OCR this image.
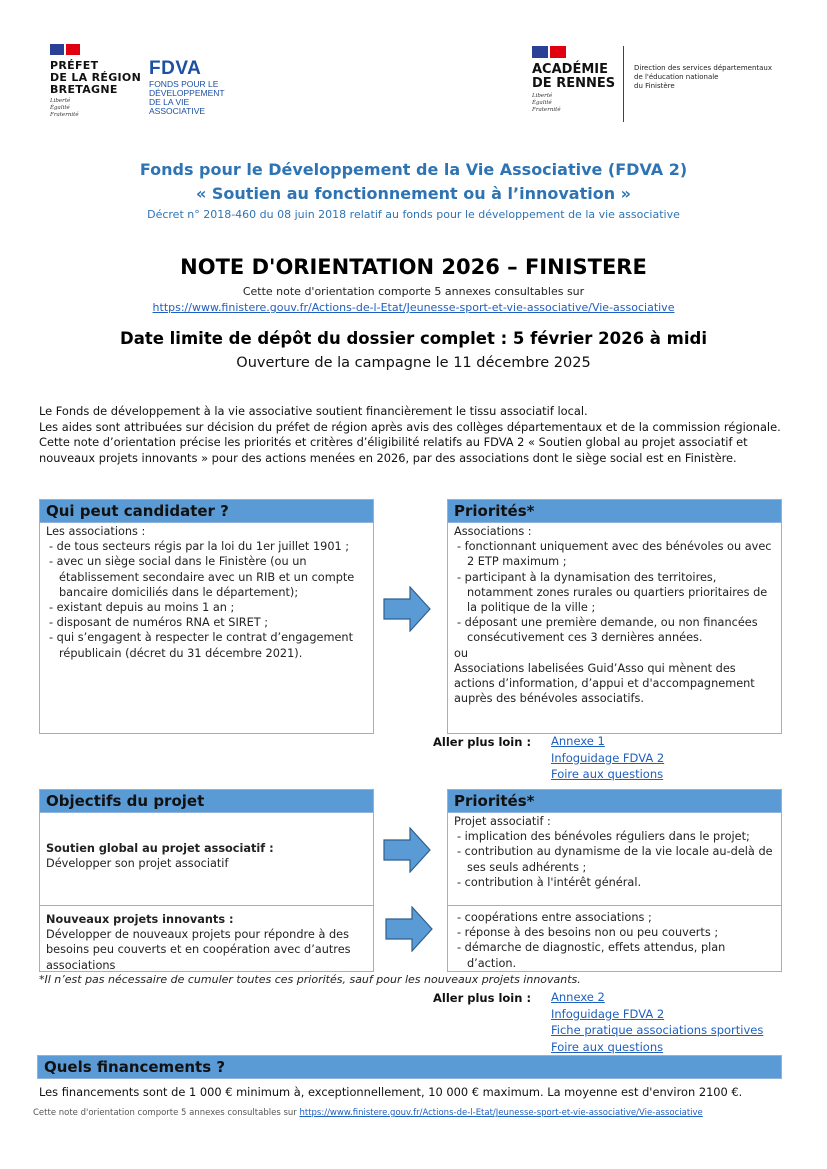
PRÉFET
DE LA RÉGION
BRETAGNE
Liberté
Égalité
Fraternité
FDVA
FONDS POUR LE
DÉVELOPPEMENT
DE LA VIE
ASSOCIATIVE
ACADÉMIE
DE RENNES
Liberté
Égalité
Fraternité
Direction des services départementaux
de l'éducation nationale
du Finistère
Fonds pour le Développement de la Vie Associative (FDVA 2)
« Soutien au fonctionnement ou à l’innovation »
Décret n° 2018-460 du 08 juin 2018 relatif au fonds pour le développement de la vie associative
NOTE D'ORIENTATION 2026 – FINISTERE
Cette note d'orientation comporte 5 annexes consultables sur
https://www.finistere.gouv.fr/Actions-de-l-Etat/Jeunesse-sport-et-vie-associative/Vie-associative
Date limite de dépôt du dossier complet : 5 février 2026 à midi
Ouverture de la campagne le 11 décembre 2025
Le Fonds de développement à la vie associative soutient financièrement le tissu associatif local.
Les aides sont attribuées sur décision du préfet de région après avis des collèges départementaux et de la commission régionale.
Cette note d’orientation précise les priorités et critères d’éligibilité relatifs au FDVA 2 « Soutien global au projet associatif et nouveaux projets innovants » pour des actions menées en 2026, par des associations dont le siège social est en Finistère.
Qui peut candidater ?
Les associations :
- de tous secteurs régis par la loi du 1er juillet 1901 ;
- avec un siège social dans le Finistère (ou un établissement secondaire avec un RIB et un compte bancaire domiciliés dans le département);
- existant depuis au moins 1 an ;
- disposant de numéros RNA et SIRET ;
- qui s’engagent à respecter le contrat d’engagement républicain (décret du 31 décembre 2021).
Priorités*
Associations :
- fonctionnant uniquement avec des bénévoles ou avec 2 ETP maximum ;
- participant à la dynamisation des territoires, notamment zones rurales ou quartiers prioritaires de la politique de la ville ;
- déposant une première demande, ou non financées consécutivement ces 3 dernières années.
ou
Associations labelisées Guid’Asso qui mènent des actions d’information, d’appui et d'accompagnement auprès des bénévoles associatifs.
Aller plus loin : Annexe 1
Infoguidage FDVA 2
Foire aux questions
Objectifs du projet
Soutien global au projet associatif :
Développer son projet associatif
Nouveaux projets innovants :
Développer de nouveaux projets pour répondre à des besoins peu couverts et en coopération avec d’autres associations
Priorités*
Projet associatif :
- implication des bénévoles réguliers dans le projet;
- contribution au dynamisme de la vie locale au-delà de ses seuls adhérents ;
- contribution à l'intérêt général.
- coopérations entre associations ;
- réponse à des besoins non ou peu couverts ;
- démarche de diagnostic, effets attendus, plan d’action.
*Il n’est pas nécessaire de cumuler toutes ces priorités, sauf pour les nouveaux projets innovants.
Aller plus loin : Annexe 2
Infoguidage FDVA 2
Fiche pratique associations sportives
Foire aux questions
Quels financements ?
Les financements sont de 1 000 € minimum à, exceptionnellement, 10 000 € maximum. La moyenne est d'environ 2100 €.
Cette note d'orientation comporte 5 annexes consultables sur https://www.finistere.gouv.fr/Actions-de-l-Etat/Jeunesse-sport-et-vie-associative/Vie-associative
